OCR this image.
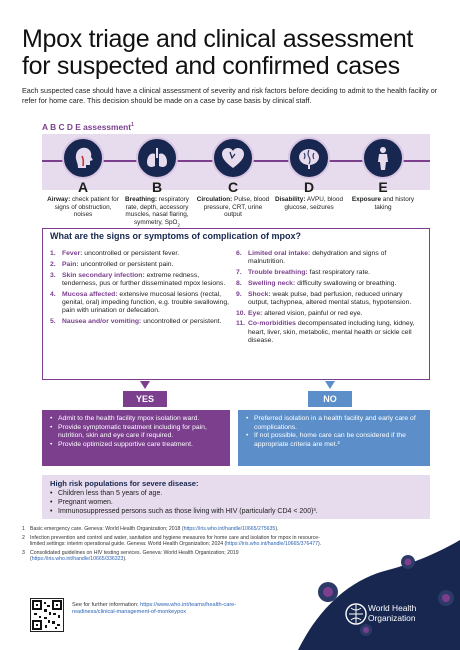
Mpox triage and clinical assessment for suspected and confirmed cases
Each suspected case should have a clinical assessment of severity and risk factors before deciding to admit to the health facility or refer for home care. This decision should be made on a case by case basis by clinical staff.
A B C D E assessment$^1$
A
Airway: check patient for signs of obstruction, noises
B
Breathing: respiratory rate, depth, accessory muscles, nasal flaring, symmetry, SpO$_2$
C
Circulation: Pulse, blood pressure, CRT, urine output
D
Disability: AVPU, blood glucose, seizures
E
Exposure and history taking
What are the signs or symptoms of complication of mpox?
1. Fever: uncontrolled or persistent fever.
2. Pain: uncontrolled or persistent pain.
3. Skin secondary infection: extreme redness, tenderness, pus or further disseminated mpox lesions.
4. Mucosa affected: extensive mucosal lesions (rectal, genital, oral) impeding function, e.g. trouble swallowing, pain with urination or defecation.
5. Nausea and/or vomiting: uncontrolled or persistent.
6. Limited oral intake: dehydration and signs of malnutrition.
7. Trouble breathing: fast respiratory rate.
8. Swelling neck: difficulty swallowing or breathing.
9. Shock: weak pulse, bad perfusion, reduced urinary output, tachypnea, altered mental status, hypotension.
10. Eye: altered vision, painful or red eye.
11. Co-morbidities decompensated including lung, kidney, heart, liver, skin, metabolic, mental health or sickle cell disease.
YES	NO
• Admit to the health facility mpox isolation ward.
• Provide symptomatic treatment including for pain, nutrition, skin and eye care if required.
• Provide optimized supportive care treatment.
• Preferred isolation in a health facility and early care of complications.
• If not possible, home care can be considered if the appropriate criteria are met.²
High risk populations for severe disease:
• Children less than 5 years of age.
• Pregnant women.
• Immunosuppressed persons such as those living with HIV (particularly CD4 < 200)³.
1 Basic emergency care. Geneva: World Health Organization; 2018 (https://iris.who.int/handle/10665/275635).
2 Infection prevention and control and water, sanitation and hygiene measures for home care and isolation for mpox in resource-limited settings: interim operational guide. Geneva: World Health Organization; 2024 (https://iris.who.int/handle/10665/376477).
3 Consolidated guidelines on HIV testing services. Geneva: World Health Organization; 2019 (https://iris.who.int/handle/10665/336323).
See for further information: https://www.who.int/teams/health-care-readiness/clinical-management-of-monkeypox	World Health
Organization
